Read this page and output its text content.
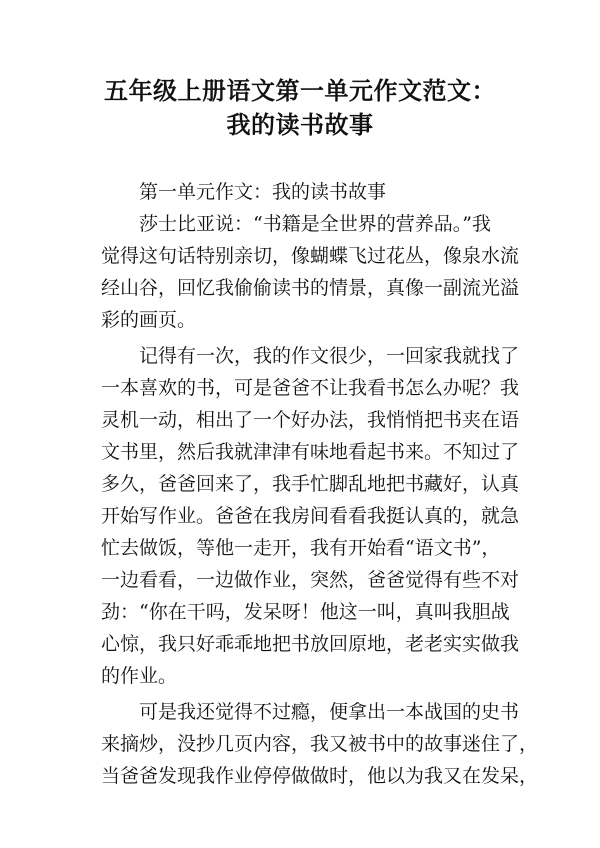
五年级上册语文第一单元作文范文：
我的读书故事

第一单元作文：我的读书故事

莎士比亚说：“书籍是全世界的营养品。”我
觉得这句话特别亲切，像蝴蝶飞过花丛，像泉水流
经山谷，回忆我偷偷读书的情景，真像一副流光溢
彩的画页。

记得有一次，我的作文很少，一回家我就找了
一本喜欢的书，可是爸爸不让我看书怎么办呢？我
灵机一动，相出了一个好办法，我悄悄把书夹在语
文书里，然后我就津津有味地看起书来。不知过了
多久，爸爸回来了，我手忙脚乱地把书藏好，认真
开始写作业。爸爸在我房间看看我挺认真的，就急
忙去做饭，等他一走开，我有开始看“语文书”，
一边看看，一边做作业，突然，爸爸觉得有些不对
劲：“你在干吗，发呆呀！他这一叫，真叫我胆战
心惊，我只好乖乖地把书放回原地，老老实实做我
的作业。

可是我还觉得不过瘾，便拿出一本战国的史书
来摘炒，没抄几页内容，我又被书中的故事迷住了，
当爸爸发现我作业停停做做时，他以为我又在发呆，
